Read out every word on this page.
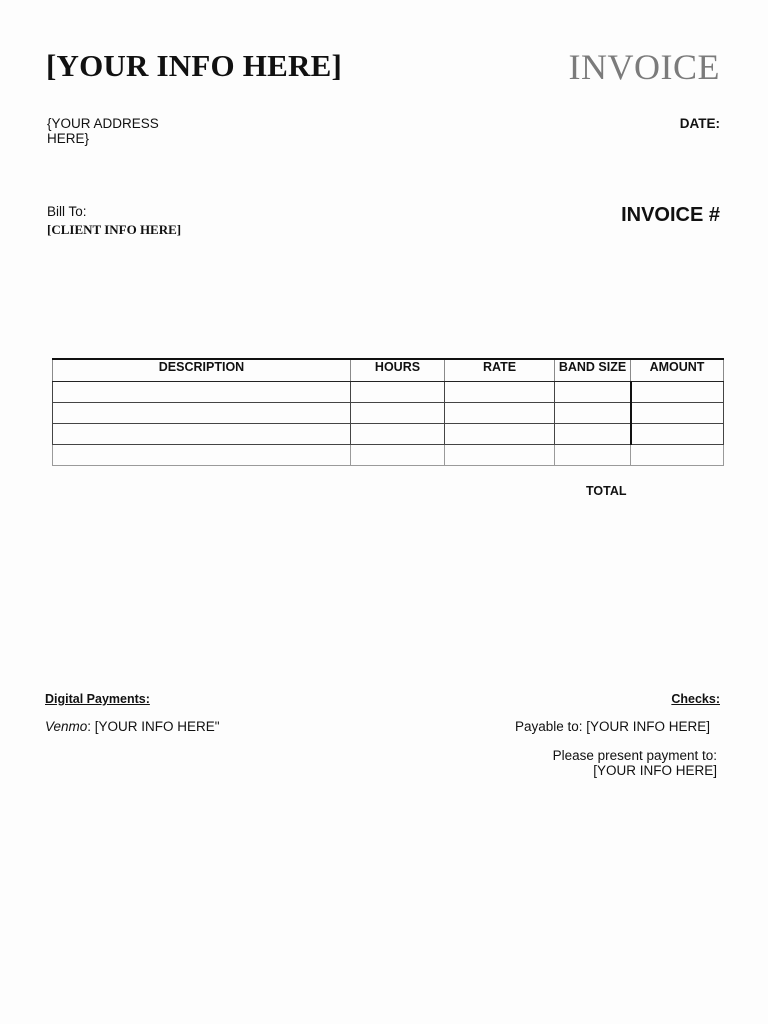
[YOUR INFO HERE]	INVOICE
{YOUR ADDRESS
HERE}
DATE:
Bill To:
[CLIENT INFO HERE]
INVOICE #
DESCRIPTION	HOURS	RATE	BAND SIZE	AMOUNT

TOTAL
Digital Payments:
Venmo: [YOUR INFO HERE"
Checks:
Payable to: [YOUR INFO HERE]
Please present payment to:
[YOUR INFO HERE]
